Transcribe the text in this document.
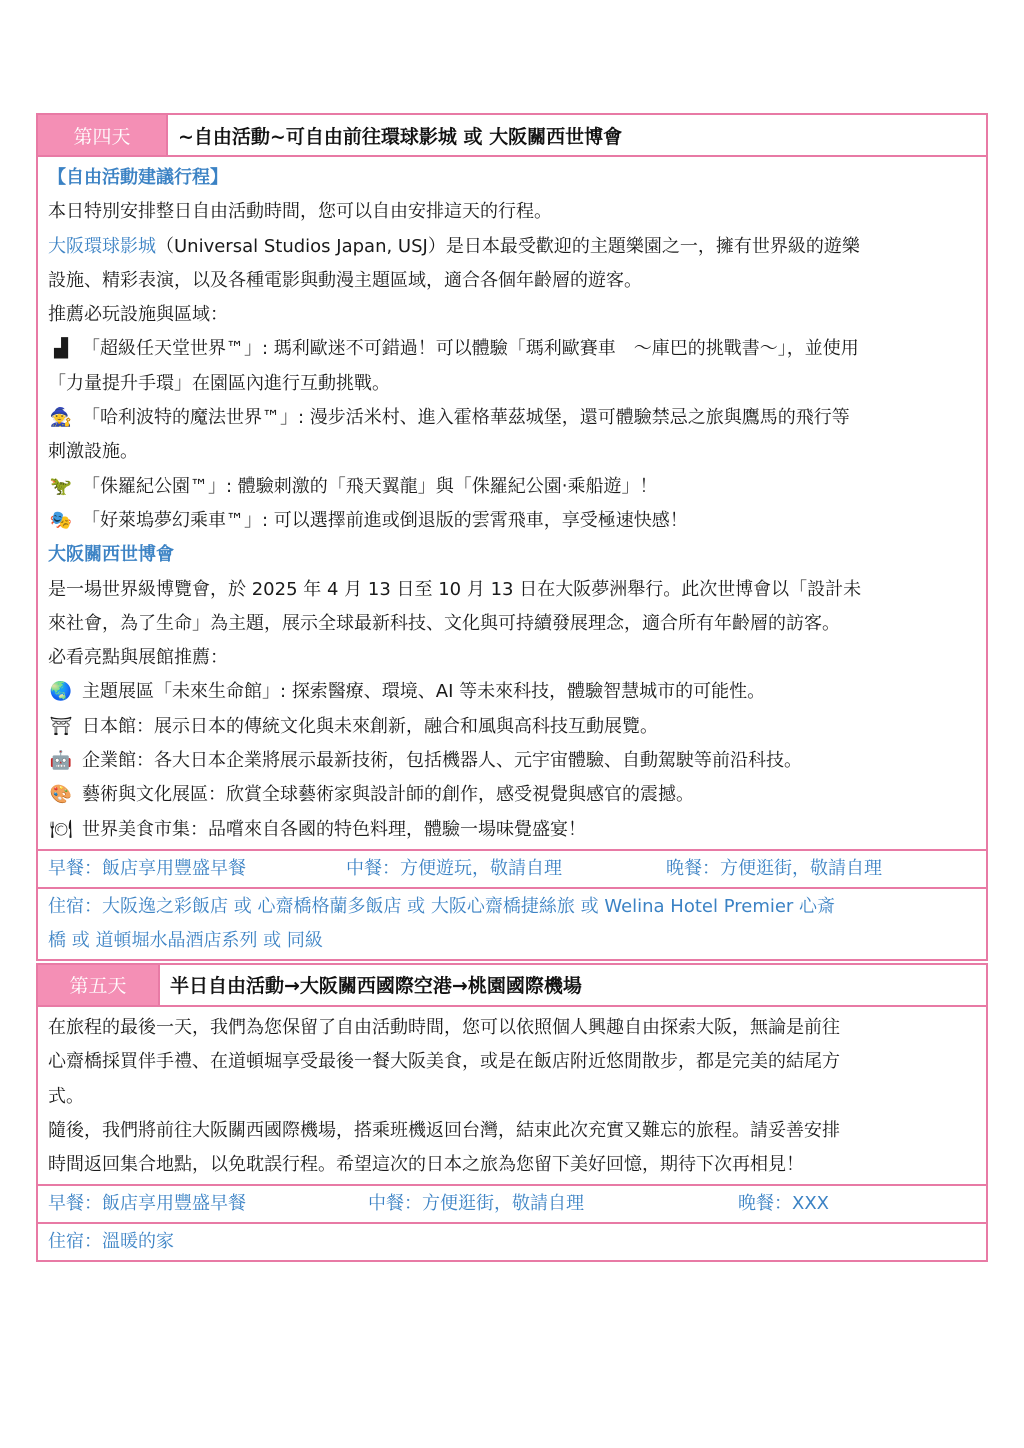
第四天	~自由活動~可自由前往環球影城 或 大阪關西世博會
【自由活動建議行程】
本日特別安排整日自由活動時間，您可以自由安排這天的行程。
大阪環球影城（Universal Studios Japan, USJ）是日本最受歡迎的主題樂園之一，擁有世界級的遊樂
設施、精彩表演，以及各種電影與動漫主題區域，適合各個年齡層的遊客。
推薦必玩設施與區域：
▟ 「超級任天堂世界™」: 瑪利歐迷不可錯過！可以體驗「瑪利歐賽車　～庫巴的挑戰書～」，並使用
「力量提升手環」在園區內進行互動挑戰。
🧙 「哈利波特的魔法世界™」: 漫步活米村、進入霍格華茲城堡，還可體驗禁忌之旅與鷹馬的飛行等
刺激設施。
🦖 「侏羅紀公園™」: 體驗刺激的「飛天翼龍」與「侏羅紀公園‧乘船遊」！
🎭 「好萊塢夢幻乘車™」: 可以選擇前進或倒退版的雲霄飛車，享受極速快感！
大阪關西世博會
是一場世界級博覽會，於 2025 年 4 月 13 日至 10 月 13 日在大阪夢洲舉行。此次世博會以「設計未
來社會，為了生命」為主題，展示全球最新科技、文化與可持續發展理念，適合所有年齡層的訪客。
必看亮點與展館推薦：
🌏 主題展區「未來生命館」: 探索醫療、環境、AI 等未來科技，體驗智慧城市的可能性。
⛩ 日本館：展示日本的傳統文化與未來創新，融合和風與高科技互動展覽。
🤖 企業館：各大日本企業將展示最新技術，包括機器人、元宇宙體驗、自動駕駛等前沿科技。
🎨 藝術與文化展區：欣賞全球藝術家與設計師的創作，感受視覺與感官的震撼。
🍽 世界美食市集：品嚐來自各國的特色料理，體驗一場味覺盛宴！
早餐：飯店享用豐盛早餐	中餐：方便遊玩，敬請自理	晚餐：方便逛街，敬請自理
住宿：大阪逸之彩飯店 或 心齋橋格蘭多飯店 或 大阪心齋橋捷絲旅 或 Welina Hotel Premier 心斎
橋 或 道頓堀水晶酒店系列 或 同級
第五天	半日自由活動→大阪關西國際空港→桃園國際機場
在旅程的最後一天，我們為您保留了自由活動時間，您可以依照個人興趣自由探索大阪，無論是前往
心齋橋採買伴手禮、在道頓堀享受最後一餐大阪美食，或是在飯店附近悠閒散步，都是完美的結尾方
式。
隨後，我們將前往大阪關西國際機場，搭乘班機返回台灣，結束此次充實又難忘的旅程。請妥善安排
時間返回集合地點，以免耽誤行程。希望這次的日本之旅為您留下美好回憶，期待下次再相見！
早餐：飯店享用豐盛早餐	中餐：方便逛街，敬請自理	晚餐：XXX
住宿：溫暖的家
